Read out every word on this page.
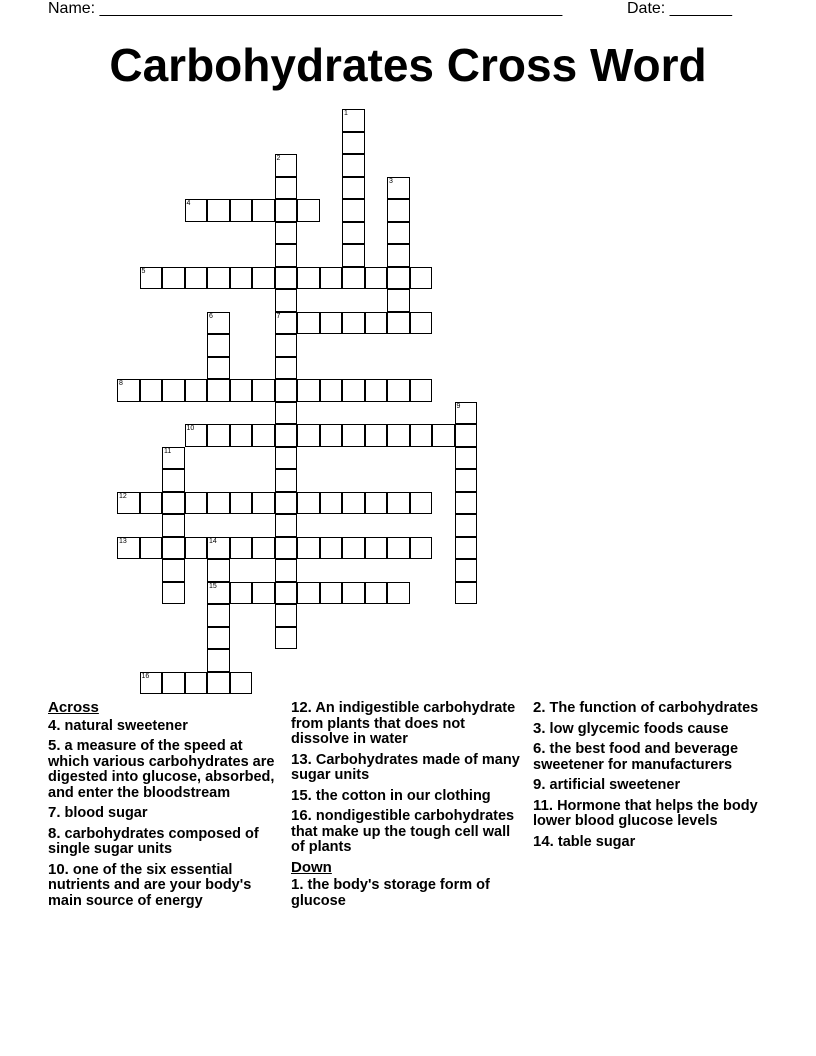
Name: ____________________________________________________	Date: _______
Carbohydrates Cross Word
1
2
7
3
4
5
6
8
9
10
11
12
13	14
15
16
Across
4. natural sweetener
5. a measure of the speed at which various carbohydrates are digested into glucose, absorbed, and enter the bloodstream
7. blood sugar
8. carbohydrates composed of single sugar units
10. one of the six essential nutrients and are your body's main source of energy
12. An indigestible carbohydrate from plants that does not dissolve in water
13. Carbohydrates made of many sugar units
15. the cotton in our clothing
16. nondigestible carbohydrates that make up the tough cell wall of plants
Down
1. the body's storage form of glucose
2. The function of carbohydrates
3. low glycemic foods cause
6. the best food and beverage sweetener for manufacturers
9. artificial sweetener
11. Hormone that helps the body lower blood glucose levels
14. table sugar
